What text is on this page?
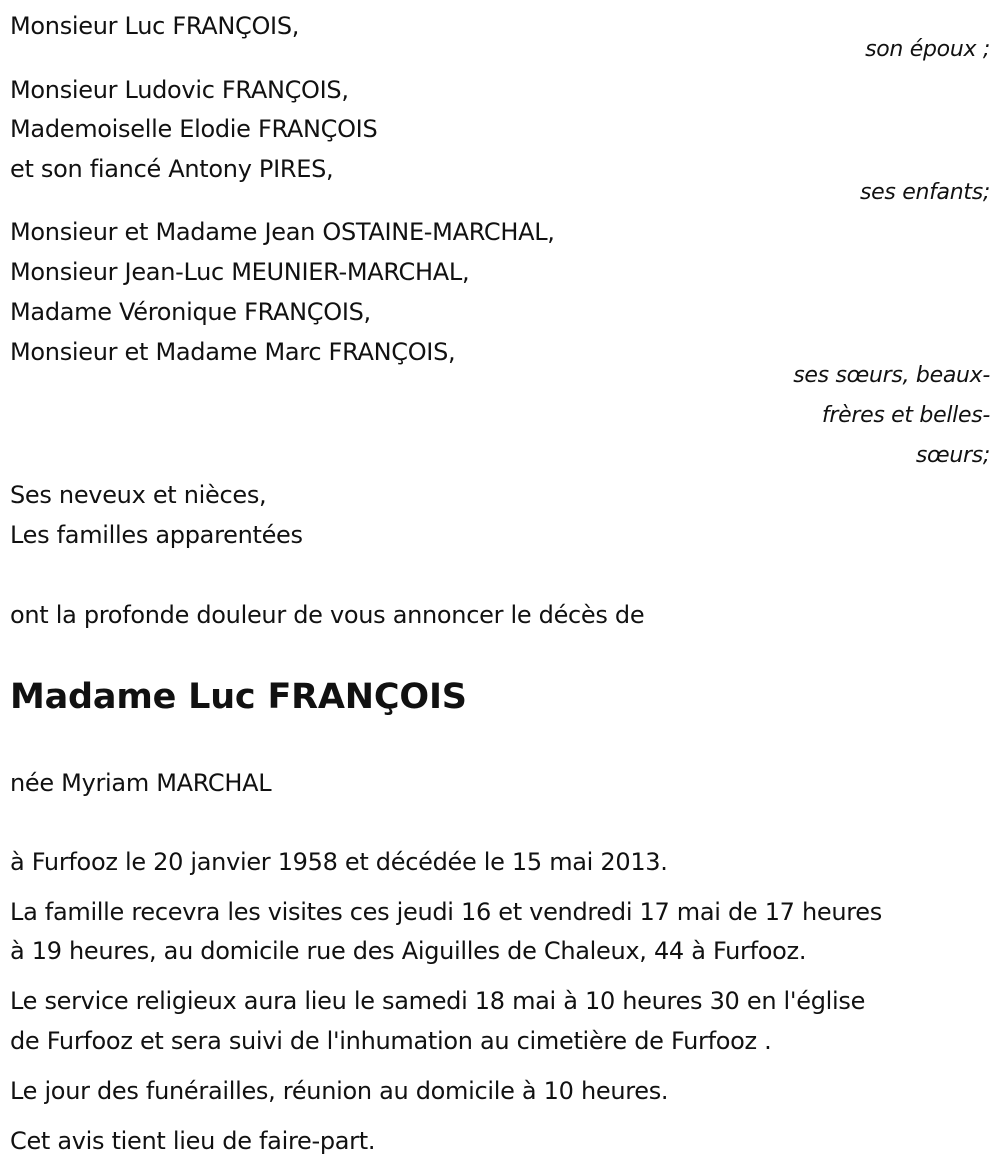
Monsieur Luc FRANÇOIS,
son époux ;
Monsieur Ludovic FRANÇOIS,
Mademoiselle Elodie FRANÇOIS
et son fiancé Antony PIRES,
ses enfants;
Monsieur et Madame Jean OSTAINE-MARCHAL,
Monsieur Jean-Luc MEUNIER-MARCHAL,
Madame Véronique FRANÇOIS,
Monsieur et Madame Marc FRANÇOIS,
ses sœurs, beaux-
frères et belles-
sœurs;
Ses neveux et nièces,
Les familles apparentées
ont la profonde douleur de vous annoncer le décès de
Madame Luc FRANÇOIS
née Myriam MARCHAL
à Furfooz le 20 janvier 1958 et décédée le 15 mai 2013.
La famille recevra les visites ces jeudi 16 et vendredi 17 mai de 17 heures
à 19 heures, au domicile rue des Aiguilles de Chaleux, 44 à Furfooz.
Le service religieux aura lieu le samedi 18 mai à 10 heures 30 en l'église
de Furfooz et sera suivi de l'inhumation au cimetière de Furfooz .
Le jour des funérailles, réunion au domicile à 10 heures.
Cet avis tient lieu de faire-part.
